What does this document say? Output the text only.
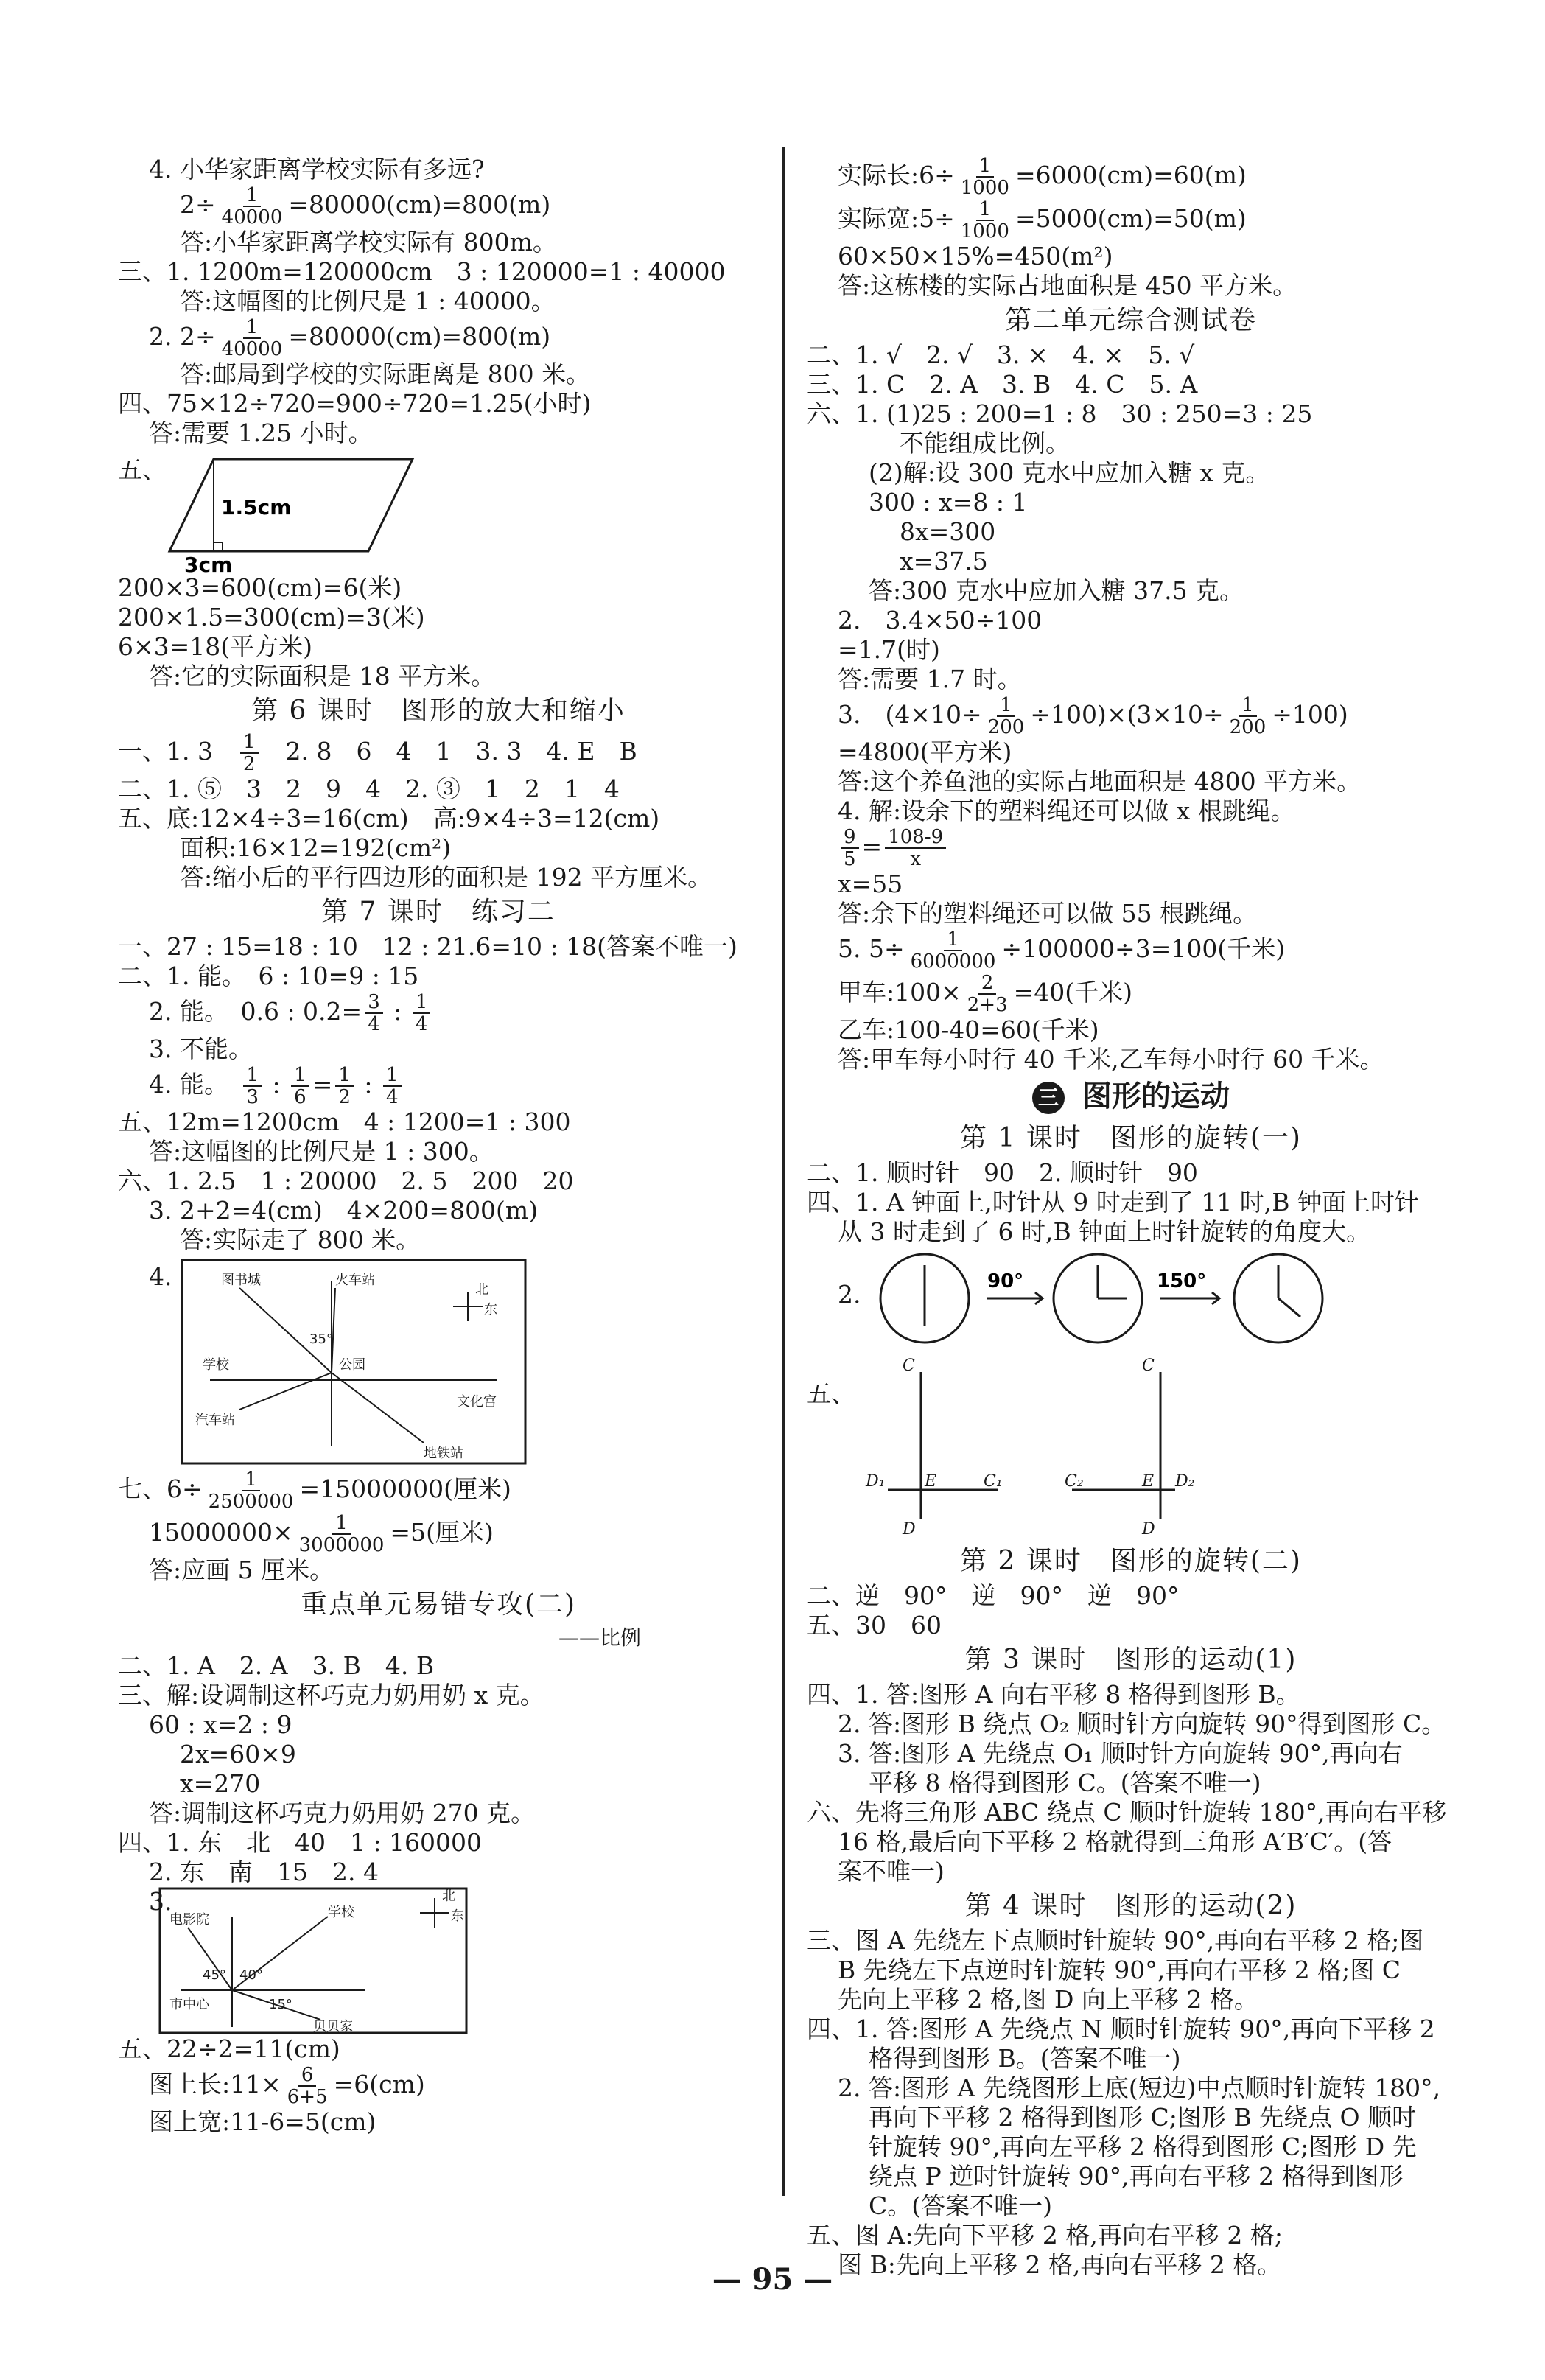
4. 小华家距离学校实际有多远?
$2\div \frac{1}{40000} =80000(cm)=800(m)$
答:小华家距离学校实际有 800m。
三、1. 1200m=120000cm　3 : 120000=1 : 40000
答:这幅图的比例尺是 1 : 40000。
2. $2\div \frac{1}{40000} =80000(cm)=800(m)$
答:邮局到学校的实际距离是 800 米。
四、75×12÷720=900÷720=1.25(小时)
答:需要 1.25 小时。
五、
1.5cm
3cm
200×3=600(cm)=6(米)
200×1.5=300(cm)=3(米)
6×3=18(平方米)
答:它的实际面积是 18 平方米。
第 6 课时　图形的放大和缩小
一、1. 3　 $\frac{1}{2}$ 　2. 8　6　4　1　3. 3　4. E　B
二、1. ⑤　3　2　9　4　2. ③　1　2　1　4
五、底:12×4÷3=16(cm)　高:9×4÷3=12(cm)
面积:16×12=192(cm²)
答:缩小后的平行四边形的面积是 192 平方厘米。
第 7 课时　练习二
一、27 : 15=18 : 10　12 : 21.6=10 : 18(答案不唯一)
二、1. 能。　6 : 10=9 : 15
2. 能。　0.6 : $0.2= \frac{3}{4}$ : $\frac{1}{4}$
3. 不能。
4. 能。　 $\frac{1}{3}$ : $\frac{1}{6} = \frac{1}{2}$ : $\frac{1}{4}$
五、12m=1200cm　4 : 1200=1 : 300
答:这幅图的比例尺是 1 : 300。
六、1. 2.5　1 : 20000　2. 5　200　20
3. 2+2=4(cm)　4×200=800(m)
答:实际走了 800 米。
4.	图书城	火车站
北
东
35°
学校	公园
文化宫
汽车站
地铁站
七、$6\div \frac{1}{2500000} =15000000$(厘米)
$15000000\times \frac{1}{3000000} =5$(厘米)
答:应画 5 厘米。
重点单元易错专攻(二)
——比例
二、1. A　2. A　3. B　4. B
三、解:设调制这杯巧克力奶用奶 x 克。
60 : x=2 : 9
2x=60×9
x=270
答:调制这杯巧克力奶用奶 270 克。
四、1. 东　北　40　1 : 160000
2. 东　南　15　2. 4
3.
电影院	学校
北
东
45° 40°
15°
市中心
贝贝家
五、22÷2=11(cm)
图上长:11× $\frac{6}{6+5} =6(cm)$
图上宽:11-6=5(cm)
实际长:6÷ $\frac{1}{1000} =6000(cm)=60(m)$
实际宽:5÷ $\frac{1}{1000} =5000(cm)=50(m)$
60×50×15%=450(m²)
答:这栋楼的实际占地面积是 450 平方米。
第二单元综合测试卷
二、1. √　2. √　3. ×　4. ×　5. √
三、1. C　2. A　3. B　4. C　5. A
六、1. (1)25 : 200=1 : 8　30 : 250=3 : 25
不能组成比例。
(2)解:设 300 克水中应加入糖 x 克。
300 : x=8 : 1
8x=300
x=37.5
答:300 克水中应加入糖 37.5 克。
2.　3.4×50÷100
=1.7(时)
答:需要 1.7 时。
3.　$(4\times 10\div \frac{1}{200} \div 100)\times(3\times 10\div \frac{1}{200} \div 100)$
=4800(平方米)
答:这个养鱼池的实际占地面积是 4800 平方米。
4. 解:设余下的塑料绳还可以做 x 根跳绳。
$\frac{9}{5} = \frac{108-9}{x}$
x=55
答:余下的塑料绳还可以做 55 根跳绳。
5. $5\div \frac{1}{6000000} \div 100000\div 3=100$(千米)
甲车:100× $\frac{2}{2+3} =40$(千米)
乙车:100-40=60(千米)
答:甲车每小时行 40 千米,乙车每小时行 60 千米。
三 图形的运动
第 1 课时　图形的旋转(一)
二、1. 顺时针　90　2. 顺时针　90
四、1. A 钟面上,时针从 9 时走到了 11 时,B 钟面上时针
从 3 时走到了 6 时,B 钟面上时针旋转的角度大。
2.	90°	150°
五、
C
D₁ E	C₁
D
C
C₂	E D₂
D
第 2 课时　图形的旋转(二)
二、逆　90°　逆　90°　逆　90°
五、30　60
第 3 课时　图形的运动(1)
四、1. 答:图形 A 向右平移 8 格得到图形 B。
2. 答:图形 B 绕点 O₂ 顺时针方向旋转 90°得到图形 C。
3. 答:图形 A 先绕点 O₁ 顺时针方向旋转 90°,再向右
平移 8 格得到图形 C。(答案不唯一)
六、先将三角形 ABC 绕点 C 顺时针旋转 180°,再向右平移
16 格,最后向下平移 2 格就得到三角形 A′B′C′。(答
案不唯一)
第 4 课时　图形的运动(2)
三、图 A 先绕左下点顺时针旋转 90°,再向右平移 2 格;图
B 先绕左下点逆时针旋转 90°,再向右平移 2 格;图 C
先向上平移 2 格,图 D 向上平移 2 格。
四、1. 答:图形 A 先绕点 N 顺时针旋转 90°,再向下平移 2
格得到图形 B。(答案不唯一)
2. 答:图形 A 先绕图形上底(短边)中点顺时针旋转 180°,
再向下平移 2 格得到图形 C;图形 B 先绕点 O 顺时
针旋转 90°,再向左平移 2 格得到图形 C;图形 D 先
绕点 P 逆时针旋转 90°,再向右平移 2 格得到图形
C。(答案不唯一)
五、图 A:先向下平移 2 格,再向右平移 2 格;
图 B:先向上平移 2 格,再向右平移 2 格。
— 95 —
